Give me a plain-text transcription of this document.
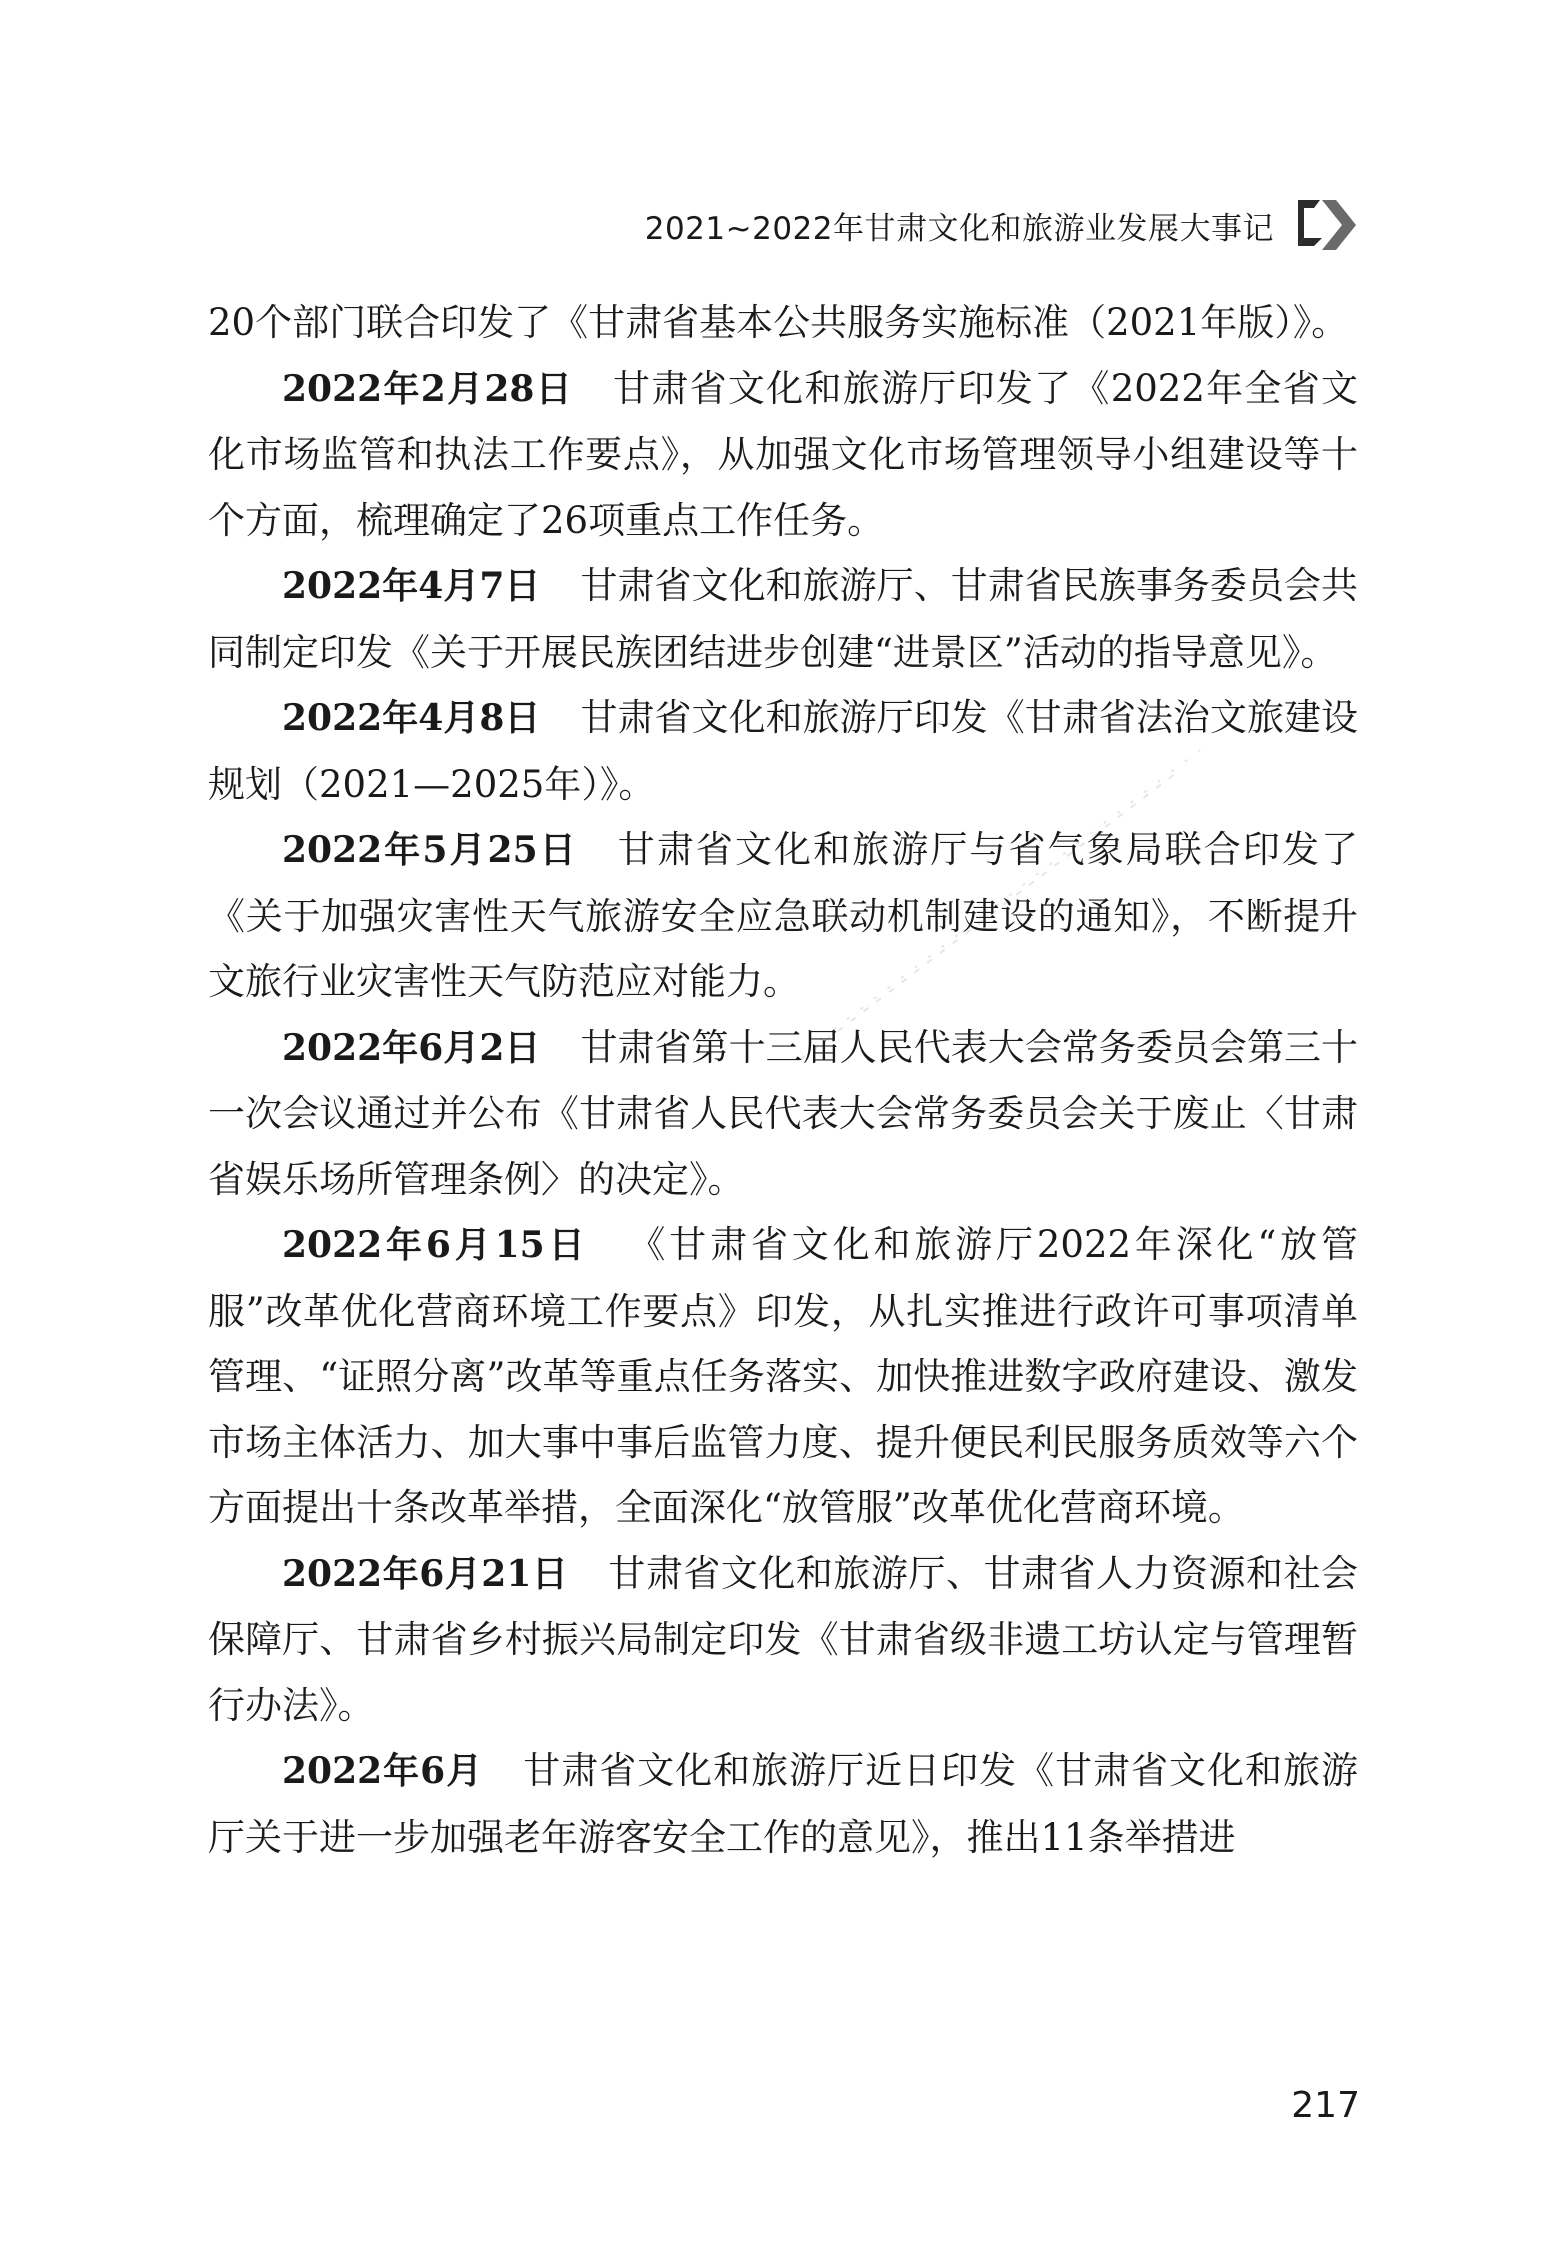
2021~2022年甘肃文化和旅游业发展大事记

20个部门联合印发了《甘肃省基本公共服务实施标准（2021年版）》。

2022年2月28日 甘肃省文化和旅游厅印发了《2022年全省文化市场监管和执法工作要点》，从加强文化市场管理领导小组建设等十个方面，梳理确定了26项重点工作任务。

2022年4月7日 甘肃省文化和旅游厅、甘肃省民族事务委员会共同制定印发《关于开展民族团结进步创建“进景区”活动的指导意见》。

2022年4月8日 甘肃省文化和旅游厅印发《甘肃省法治文旅建设规划（2021—2025年）》。

2022年5月25日 甘肃省文化和旅游厅与省气象局联合印发了《关于加强灾害性天气旅游安全应急联动机制建设的通知》，不断提升文旅行业灾害性天气防范应对能力。

2022年6月2日 甘肃省第十三届人民代表大会常务委员会第三十一次会议通过并公布《甘肃省人民代表大会常务委员会关于废止〈甘肃省娱乐场所管理条例〉的决定》。

2022年6月15日 《甘肃省文化和旅游厅2022年深化“放管服”改革优化营商环境工作要点》印发，从扎实推进行政许可事项清单管理、“证照分离”改革等重点任务落实、加快推进数字政府建设、激发市场主体活力、加大事中事后监管力度、提升便民利民服务质效等六个方面提出十条改革举措，全面深化“放管服”改革优化营商环境。

2022年6月21日 甘肃省文化和旅游厅、甘肃省人力资源和社会保障厅、甘肃省乡村振兴局制定印发《甘肃省级非遗工坊认定与管理暂行办法》。

2022年6月 甘肃省文化和旅游厅近日印发《甘肃省文化和旅游厅关于进一步加强老年游客安全工作的意见》，推出11条举措进

217
